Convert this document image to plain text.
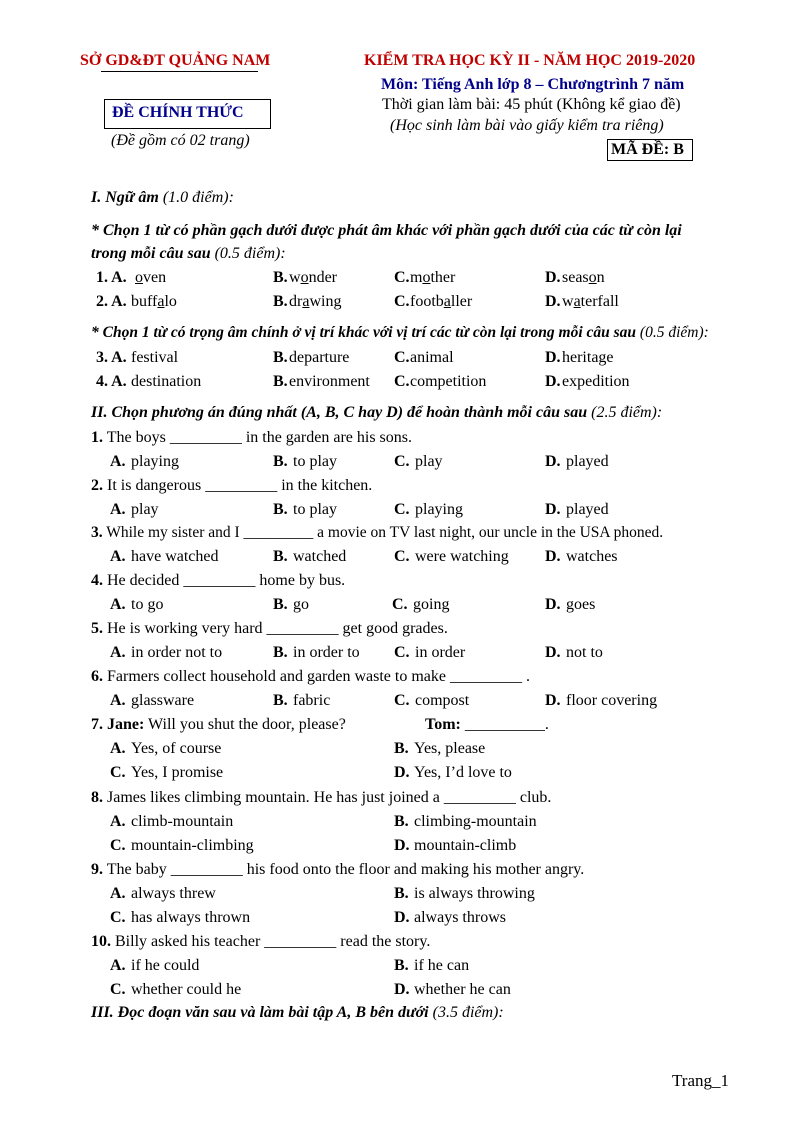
SỞ GD&ĐT QUẢNG NAM
ĐỀ CHÍNH THỨC
(Đề gồm có 02 trang)
KIỂM TRA HỌC KỲ II - NĂM HỌC 2019-2020
Môn: Tiếng Anh lớp 8 – Chươngtrình 7 năm
Thời gian làm bài: 45 phút (Không kể giao đề)
(Học sinh làm bài vào giấy kiểm tra riêng)
MÃ ĐỀ: B
I. Ngữ âm (1.0 điểm):
* Chọn 1 từ có phần gạch dưới được phát âm khác với phần gạch dưới của các từ còn lại
trong mỗi câu sau (0.5 điểm):
1. A. oven	B. wonder	C. mother	D. season
2. A. buffalo	B. drawing	C. footballer	D. waterfall
* Chọn 1 từ có trọng âm chính ở vị trí khác với vị trí các từ còn lại trong mỗi câu sau (0.5 điểm):
3. A. festival	B. departure	C. animal	D. heritage
4. A. destination	B. environment C. competition	D. expedition
II. Chọn phương án đúng nhất (A, B, C hay D) để hoàn thành mỗi câu sau (2.5 điểm):
1. The boys _________ in the garden are his sons.
A. playing	B. to play	C. play	D. played
2. It is dangerous _________ in the kitchen.
A. play	B. to play	C. playing	D. played
3. While my sister and I _________ a movie on TV last night, our uncle in the USA phoned.
A. have watched	B. watched	C. were watching D. watches
4. He decided _________ home by bus.
A. to go	B. go	C. going	D. goes
5. He is working very hard _________ get good grades.
A. in order not to	B. in order to C. in order	D. not to
6. Farmers collect household and garden waste to make _________ .
A. glassware	B. fabric	C. compost	D. floor covering
7. Jane: Will you shut the door, please?	Tom: __________.
A. Yes, of course	B. Yes, please
C. Yes, I promise	D. Yes, I’d love to
8. James likes climbing mountain. He has just joined a _________ club.
A. climb-mountain	B. climbing-mountain
C. mountain-climbing	D. mountain-climb
9. The baby _________ his food onto the floor and making his mother angry.
A. always threw	B. is always throwing
C. has always thrown	D. always throws
10. Billy asked his teacher _________ read the story.
A. if he could	B. if he can
C. whether could he	D. whether he can
III. Đọc đoạn văn sau và làm bài tập A, B bên dưới (3.5 điểm):
Trang_1
